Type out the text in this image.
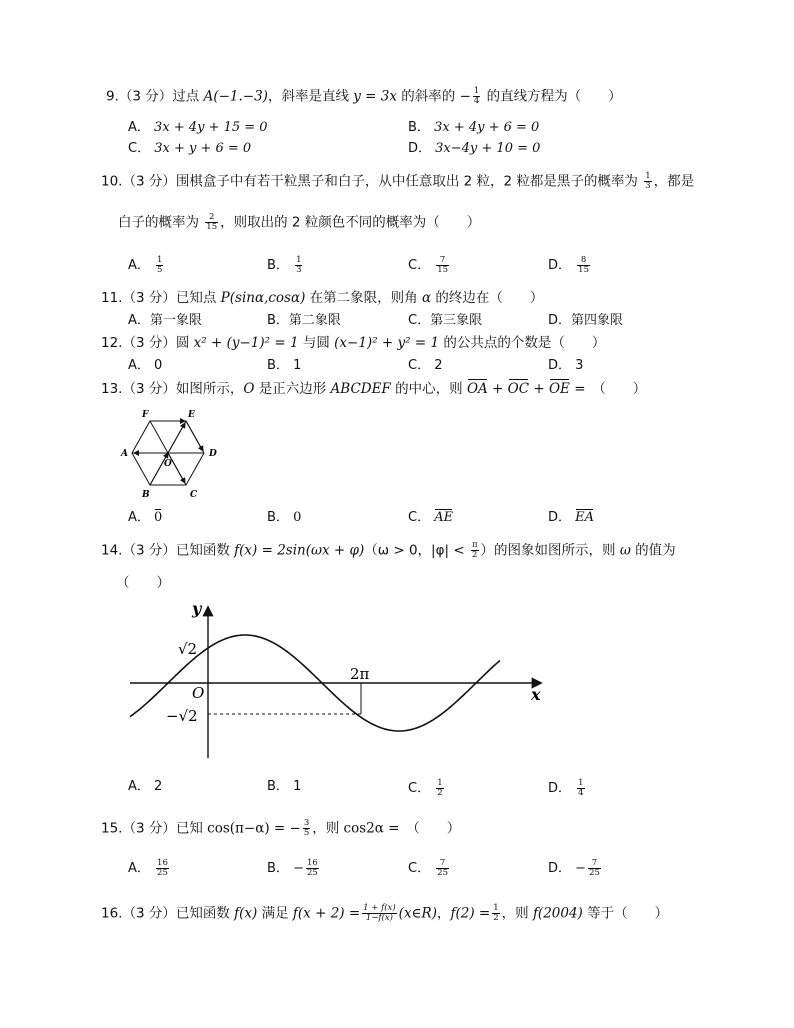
9.（3 分）过点 A(−1.−3)，斜率是直线 y = 3x 的斜率的 − $\frac{1}{4}$ 的直线方程为（　　）
A． 3x + 4y + 15 = 0	B． 3x + 4y + 6 = 0
C． 3x + y + 6 = 0	D． 3x−4y + 10 = 0
10.（3 分）围棋盒子中有若干粒黑子和白子，从中任意取出 2 粒，2 粒都是黑子的概率为 $\frac{1}{3}$ ，都是
白子的概率为 $\frac{2}{15}$ ，则取出的 2 粒颜色不同的概率为（　　）
A． $\frac{1}{5}$	B． $\frac{1}{3}$	C． $\frac{7}{15}$	D． $\frac{8}{15}$
11.（3 分）已知点 P(sinα,cosα) 在第二象限，则角 α 的终边在（　　）
A．第一象限	B．第二象限	C．第三象限	D．第四象限
12.（3 分）圆 x² + (y−1)² = 1 与圆 (x−1)² + y² = 1 的公共点的个数是（　　）
A． 0	B． 1	C． 2	D． 3
13.（3 分）如图所示，O 是正六边形 ABCDEF 的中心，则 OA + OC + OE =　（　　）
F	E
A	D
O
B	C
A． 0	B． 0	C． AE	D． EA
14.（3 分）已知函数 f(x) = 2sin(ωx + φ)（ω > 0，$|\varphi| < \frac{\pi}{2}$ ）的图象如图所示，则 ω 的值为
（　　）
y
x
O
2π
√2
−√2
A． 2	B． 1	C． $\frac{1}{2}$	D． $\frac{1}{4}$
15.（3 分）已知 cos(π−α) = − $\frac{3}{5}$ ，则 cos2α =　（　　）
A． $\frac{16}{25}$	B． − $\frac{16}{25}$	C． $\frac{7}{25}$	D． − $\frac{7}{25}$
16.（3 分）已知函数 f(x) 满足 $f(x + 2) = \frac{1 + f(x)}{1-f(x)}$ (x∈R)，$f(2) = \frac{1}{2}$ ，则 f(2004) 等于（　　）
